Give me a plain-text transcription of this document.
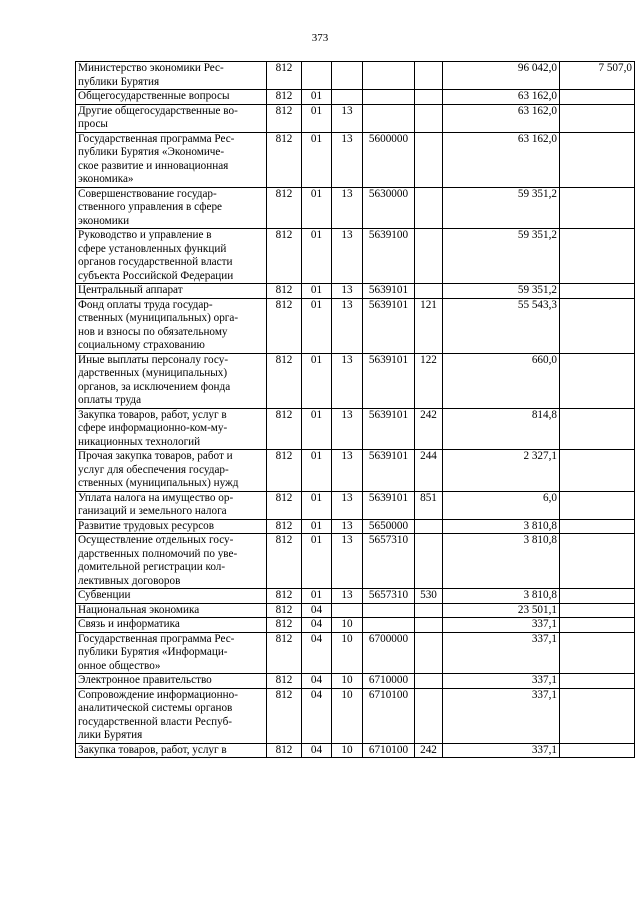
373
Министерство экономики Рес-
публики Бурятия	812					96 042,0	7 507,0

Общегосударственные вопросы	812	01				63 162,0	

Другие общегосударственные во-
просы	812	01	13			63 162,0	

Государственная программа Рес-
публики Бурятия «Экономиче-
ское развитие и инновационная
экономика»	812	01	13	5600000		63 162,0	

Совершенствование государ-
ственного управления в сфере
экономики	812	01	13	5630000		59 351,2	

Руководство и управление в
сфере установленных функций
органов государственной власти
субъекта Российской Федерации	812	01	13	5639100		59 351,2	

Центральный аппарат	812	01	13	5639101		59 351,2	

Фонд оплаты труда государ-
ственных (муниципальных) орга-
нов и взносы по обязательному
социальному страхованию	812	01	13	5639101	121	55 543,3	

Иные выплаты персоналу госу-
дарственных (муниципальных)
органов, за исключением фонда
оплаты труда	812	01	13	5639101	122	660,0	

Закупка товаров, работ, услуг в
сфере информационно-ком-му-
никационных технологий	812	01	13	5639101	242	814,8	

Прочая закупка товаров, работ и
услуг для обеспечения государ-
ственных (муниципальных) нужд	812	01	13	5639101	244	2 327,1	

Уплата налога на имущество ор-
ганизаций и земельного налога	812	01	13	5639101	851	6,0	

Развитие трудовых ресурсов	812	01	13	5650000		3 810,8	

Осуществление отдельных госу-
дарственных полномочий по уве-
домительной регистрации кол-
лективных договоров	812	01	13	5657310		3 810,8	

Субвенции	812	01	13	5657310	530	3 810,8	

Национальная экономика	812	04				23 501,1	

Связь и информатика	812	04	10			337,1	

Государственная программа Рес-
публики Бурятия «Информаци-
онное общество»	812	04	10	6700000		337,1	

Электронное правительство	812	04	10	6710000		337,1	

Сопровождение информационно-
аналитической системы органов
государственной власти Респуб-
лики Бурятия	812	04	10	6710100		337,1	

Закупка товаров, работ, услуг в	812	04	10	6710100	242	337,1	
